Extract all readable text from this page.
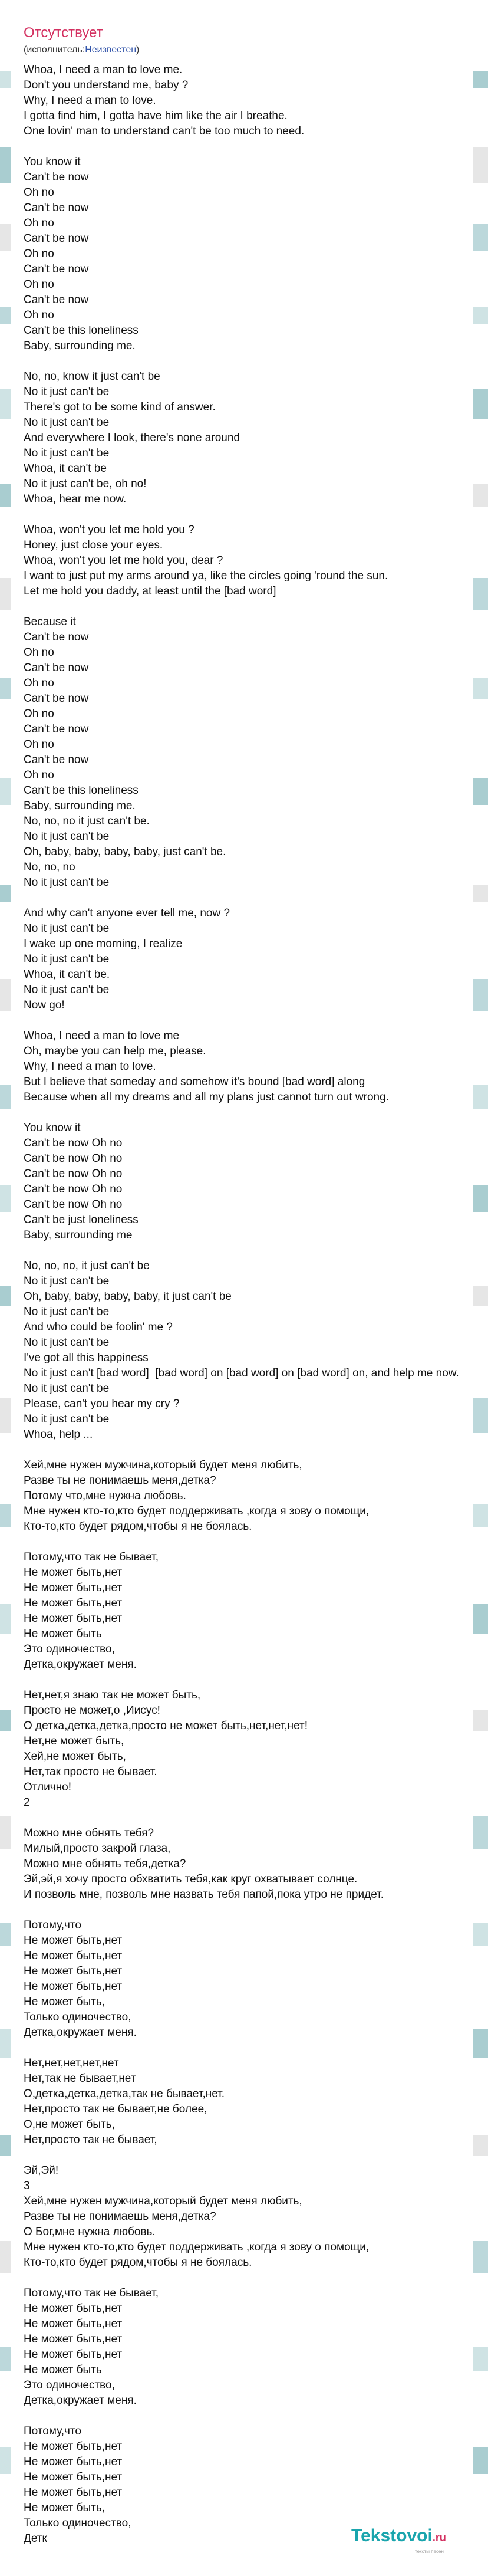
Отсутствует
(исполнитель:Неизвестен)
Whoa, I need a man to love me.
Don't you understand me, baby ?
Why, I need a man to love.
I gotta find him, I gotta have him like the air I breathe.
One lovin' man to understand can't be too much to need.

You know it
Can't be now
Oh no
Can't be now
Oh no
Can't be now
Oh no
Can't be now
Oh no
Can't be now
Oh no
Can't be this loneliness
Baby, surrounding me.

No, no, know it just can't be
No it just can't be
There's got to be some kind of answer.
No it just can't be
And everywhere I look, there's none around
No it just can't be
Whoa, it can't be
No it just can't be, oh no!
Whoa, hear me now.

Whoa, won't you let me hold you ?
Honey, just close your eyes.
Whoa, won't you let me hold you, dear ?
I want to just put my arms around ya, like the circles going 'round the sun.
Let me hold you daddy, at least until the [bad word]

Because it
Can't be now
Oh no
Can't be now
Oh no
Can't be now
Oh no
Can't be now
Oh no
Can't be now
Oh no
Can't be this loneliness
Baby, surrounding me.
No, no, no it just can't be.
No it just can't be
Oh, baby, baby, baby, baby, just can't be.
No, no, no
No it just can't be

And why can't anyone ever tell me, now ?
No it just can't be
I wake up one morning, I realize
No it just can't be
Whoa, it can't be.
No it just can't be
Now go!

Whoa, I need a man to love me
Oh, maybe you can help me, please.
Why, I need a man to love.
But I believe that someday and somehow it's bound [bad word] along
Because when all my dreams and all my plans just cannot turn out wrong.

You know it
Can't be now Oh no
Can't be now Oh no
Can't be now Oh no
Can't be now Oh no
Can't be now Oh no
Can't be just loneliness
Baby, surrounding me

No, no, no, it just can't be
No it just can't be
Oh, baby, baby, baby, baby, it just can't be
No it just can't be
And who could be foolin' me ?
No it just can't be
I've got all this happiness
No it just can't [bad word]  [bad word] on [bad word] on [bad word] on, and help me now.
No it just can't be
Please, can't you hear my cry ?
No it just can't be
Whoa, help ...

Хей,мне нужен мужчина,который будет меня любить,
Разве ты не понимаешь меня,детка?
Потому что,мне нужна любовь.
Мне нужен кто-то,кто будет поддерживать ,когда я зову о помощи,
Кто-то,кто будет рядом,чтобы я не боялась.

Потому,что так не бывает,
Не может быть,нет
Не может быть,нет
Не может быть,нет
Не может быть,нет
Не может быть
Это одиночество,
Детка,окружает меня.

Нет,нет,я знаю так не может быть,
Просто не может,о ,Иисус!
О детка,детка,детка,просто не может быть,нет,нет,нет!
Нет,не может быть,
Хей,не может быть,
Нет,так просто не бывает.
Отлично!
2

Можно мне обнять тебя?
Милый,просто закрой глаза,
Можно мне обнять тебя,детка?
Эй,эй,я хочу просто обхватить тебя,как круг охватывает солнце.
И позволь мне, позволь мне назвать тебя папой,пока утро не придет.

Потому,что
Не может быть,нет
Не может быть,нет
Не может быть,нет
Не может быть,нет
Не может быть,
Только одиночество,
Детка,окружает меня.

Нет,нет,нет,нет,нет
Нет,так не бывает,нет
О,детка,детка,детка,так не бывает,нет.
Нет,просто так не бывает,не более,
О,не может быть,
Нет,просто так не бывает,

Эй,Эй!
3
Хей,мне нужен мужчина,который будет меня любить,
Разве ты не понимаешь меня,детка?
О Бог,мне нужна любовь.
Мне нужен кто-то,кто будет поддерживать ,когда я зову о помощи,
Кто-то,кто будет рядом,чтобы я не боялась.

Потому,что так не бывает,
Не может быть,нет
Не может быть,нет
Не может быть,нет
Не может быть,нет
Не может быть
Это одиночество,
Детка,окружает меня.

Потому,что
Не может быть,нет
Не может быть,нет
Не может быть,нет
Не может быть,нет
Не может быть,
Только одиночество,
Детк	Tekstovoi.ru
тексты песен
